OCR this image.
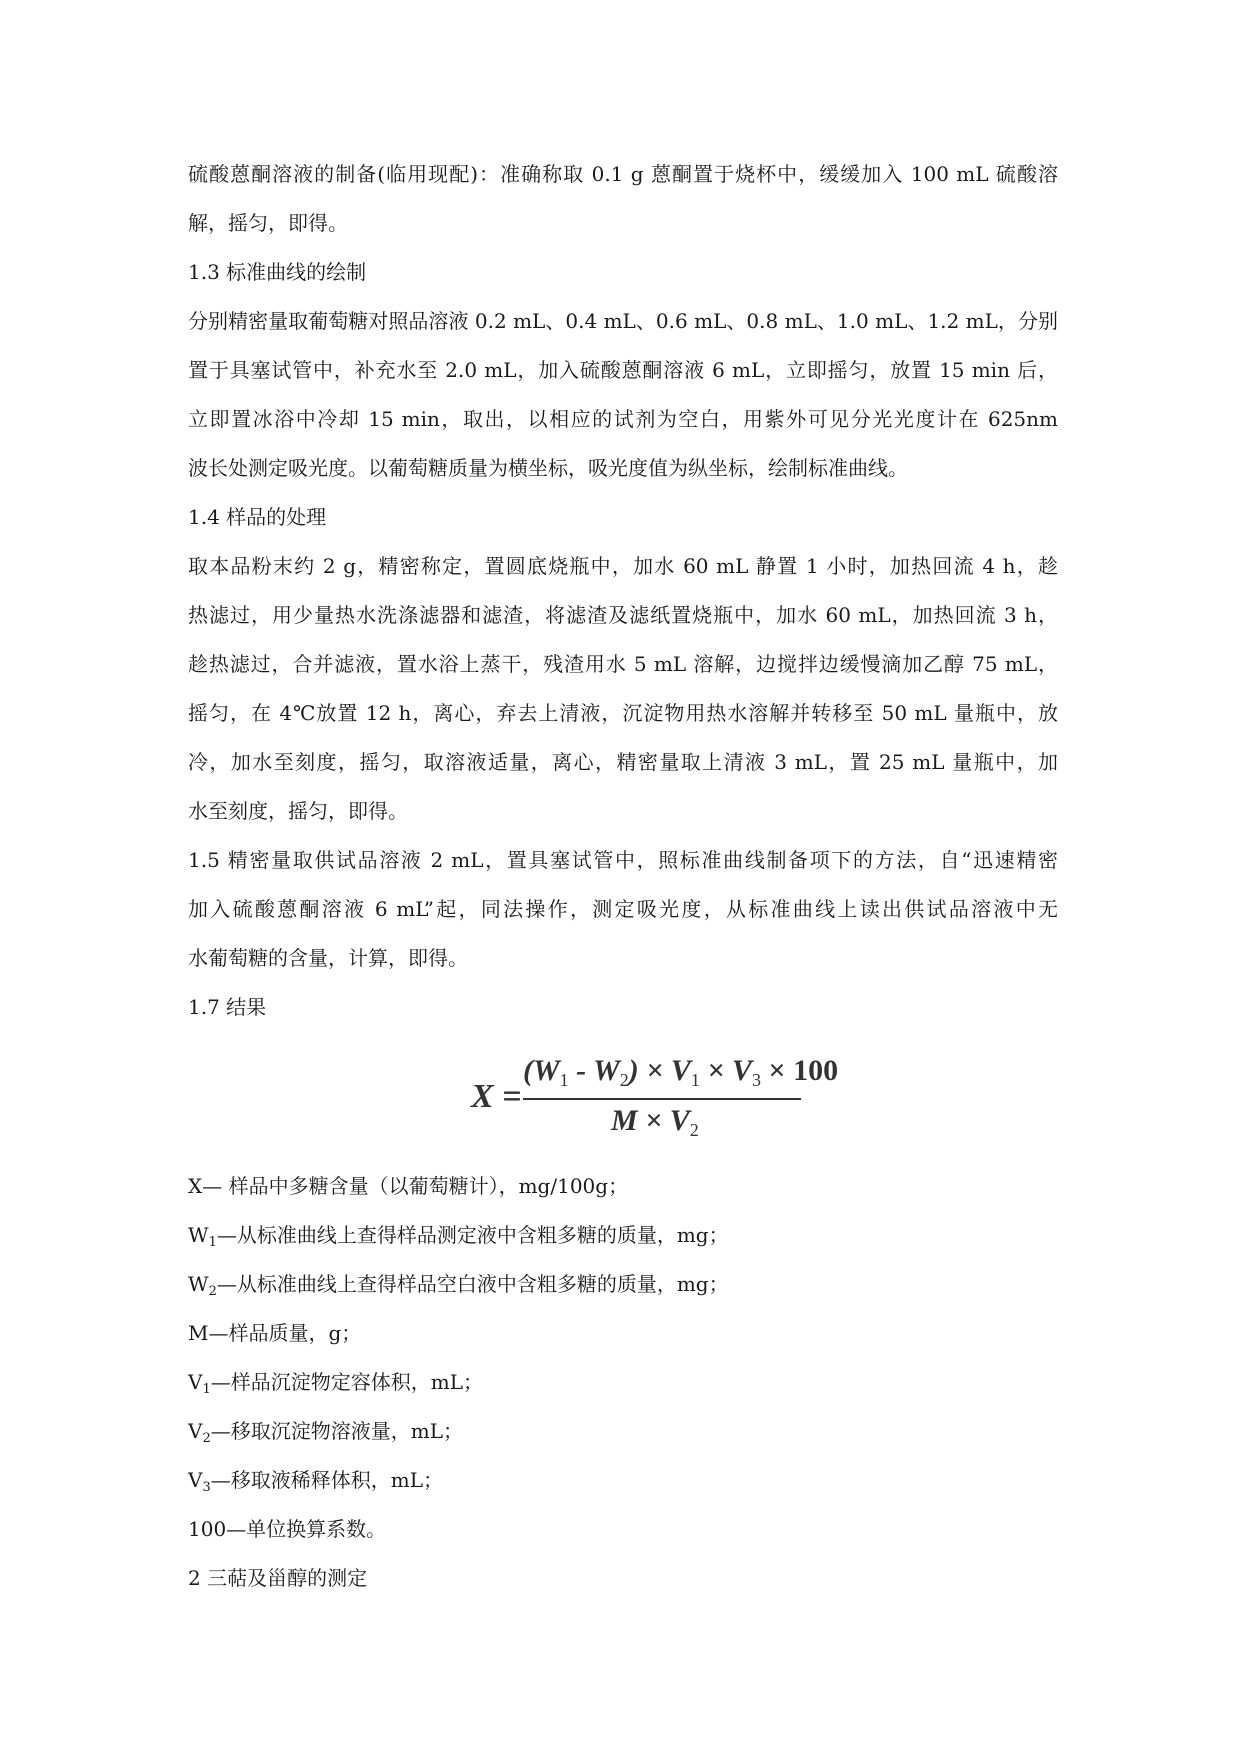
硫酸蒽酮溶液的制备(临用现配)：准确称取 0.1 g 蒽酮置于烧杯中，缓缓加入 100 mL 硫酸溶
解，摇匀，即得。
1.3 标准曲线的绘制
分别精密量取葡萄糖对照品溶液 0.2 mL、0.4 mL、0.6 mL、0.8 mL、1.0 mL、1.2 mL，分别
置于具塞试管中，补充水至 2.0 mL，加入硫酸蒽酮溶液 6 mL，立即摇匀，放置 15 min 后，
立即置冰浴中冷却 15 min，取出，以相应的试剂为空白，用紫外可见分光光度计在 625nm
波长处测定吸光度。以葡萄糖质量为横坐标，吸光度值为纵坐标，绘制标准曲线。
1.4 样品的处理
取本品粉末约 2 g，精密称定，置圆底烧瓶中，加水 60 mL 静置 1 小时，加热回流 4 h，趁
热滤过，用少量热水洗涤滤器和滤渣，将滤渣及滤纸置烧瓶中，加水 60 mL，加热回流 3 h，
趁热滤过，合并滤液，置水浴上蒸干，残渣用水 5 mL 溶解，边搅拌边缓慢滴加乙醇 75 mL，
摇匀，在 4℃放置 12 h，离心，弃去上清液，沉淀物用热水溶解并转移至 50 mL 量瓶中，放
冷，加水至刻度，摇匀，取溶液适量，离心，精密量取上清液 3 mL，置 25 mL 量瓶中，加
水至刻度，摇匀，即得。
1.5 精密量取供试品溶液 2 mL，置具塞试管中，照标准曲线制备项下的方法，自“迅速精密
加入硫酸蒽酮溶液 6 mL”起，同法操作，测定吸光度，从标准曲线上读出供试品溶液中无
水葡萄糖的含量，计算，即得。
1.7 结果
X =
$(W_1 - W_2) \times V_1 \times V_3 \times 100$
$M \times V_2$
X— 样品中多糖含量（以葡萄糖计），mg/100g；
$W_1—$从标准曲线上查得样品测定液中含粗多糖的质量，mg；
$W_2—$从标准曲线上查得样品空白液中含粗多糖的质量，mg；
M—样品质量，g；
$V_1—$样品沉淀物定容体积，mL；
$V_2—$移取沉淀物溶液量，mL；
$V_3—$移取液稀释体积，mL；
100—单位换算系数。
2 三萜及甾醇的测定
